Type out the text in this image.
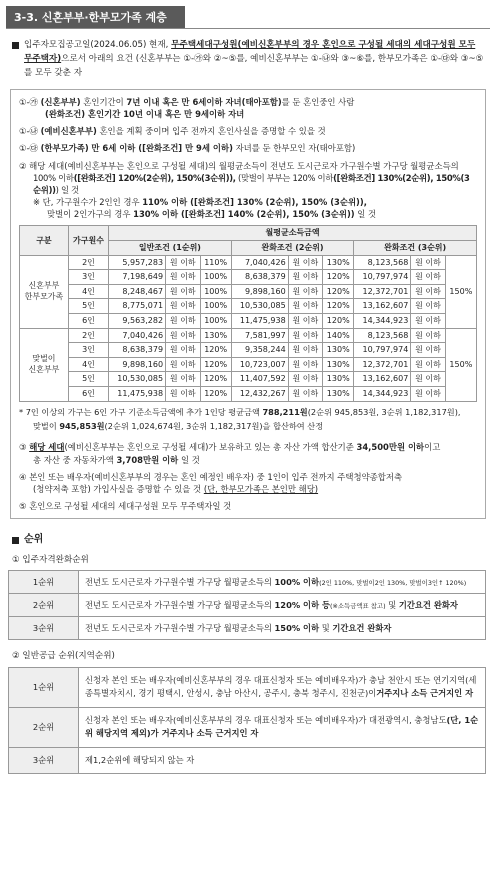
3-3. 신혼부부·한부모가족 계층
입주자모집공고일(2024.06.05) 현재, 무주택세대구성원(예비신혼부부의 경우 혼인으로 구성될 세대의 세대구성원 모두 무주택자)으로서 아래의 요건 (신혼부부는 ①-㉮와 ②~⑤를, 예비신혼부부는 ①-㉯와 ③~⑥를, 한부모가족은 ①-㉰와 ③~⑤를 모두 갖춘 자
①-㉮ (신혼부부) 혼인기간이 7년 이내 혹은 만 6세이하 자녀(태아포함)를 둔 혼인중인 사람
(완화조건) 혼인기간 10년 이내 혹은 만 9세이하 자녀
①-㉯ (예비신혼부부) 혼인을 계획 중이며 입주 전까지 혼인사실을 증명할 수 있을 것
①-㉰ (한부모가족) 만 6세 이하 ([완화조건] 만 9세 이하) 자녀를 둔 한부모인 자(태아포함)
② 해당 세대(예비신혼부부는 혼인으로 구성될 세대)의 월평균소득이 전년도 도시근로자 가구원수별 가구당 월평균소득의
100% 이하([완화조건] 120%(2순위), 150%(3순위)), (맞벌이 부부는 120% 이하([완화조건] 130%(2순위), 150%(3순위))) 일 것
※ 단, 가구원수가 2인인 경우 110% 이하 ([완화조건] 130% (2순위), 150% (3순위)),
맞벌이 2인가구의 경우 130% 이하 ([완화조건] 140% (2순위), 150% (3순위)) 일 것
구분	가구원수	월평균소득금액								
		일반조건 (1순위)			완화조건 (2순위)			완화조건 (3순위)		
신혼부부
한부모가족	2인	5,957,283	원 이하	110%	7,040,426	원 이하	130%	8,123,568	원 이하	150%
	3인	7,198,649	원 이하	100%	8,638,379	원 이하	120%	10,797,974	원 이하	
	4인	8,248,467	원 이하	100%	9,898,160	원 이하	120%	12,372,701	원 이하	
	5인	8,775,071	원 이하	100%	10,530,085	원 이하	120%	13,162,607	원 이하	
	6인	9,563,282	원 이하	100%	11,475,938	원 이하	120%	14,344,923	원 이하	
맞벌이
신혼부부	2인	7,040,426	원 이하	130%	7,581,997	원 이하	140%	8,123,568	원 이하	150%
	3인	8,638,379	원 이하	120%	9,358,244	원 이하	130%	10,797,974	원 이하	
	4인	9,898,160	원 이하	120%	10,723,007	원 이하	130%	12,372,701	원 이하	
	5인	10,530,085	원 이하	120%	11,407,592	원 이하	130%	13,162,607	원 이하	
	6인	11,475,938	원 이하	120%	12,432,267	원 이하	130%	14,344,923	원 이하	
* 7인 이상의 가구는 6인 가구 기준소득금액에 추가 1인당 평균금액 788,211원(2순위 945,853원, 3순위 1,182,317원),
맞벌이 945,853원(2순위 1,024,674원, 3순위 1,182,317원)을 합산하여 산정
③ 해당 세대(예비신혼부부는 혼인으로 구성될 세대)가 보유하고 있는 총 자산 가액 합산기준 34,500만원 이하이고
총 자산 중 자동차가액 3,708만원 이하 일 것
④ 본인 또는 배우자(예비신혼부부의 경우는 혼인 예정인 배우자) 중 1인이 입주 전까지 주택청약종합저축
(청약저축 포함) 가입사실을 증명할 수 있을 것 (단, 한부모가족은 본인만 해당)
⑤ 혼인으로 구성될 세대의 세대구성원 모두 무주택자일 것
순위
① 입주자격완화순위
1순위	전년도 도시근로자 가구원수별 가구당 월평균소득의 100% 이하(2인 110%, 맞벌이2인 130%, 맞벌이3인↑ 120%)
2순위	전년도 도시근로자 가구원수별 가구당 월평균소득의 120% 이하 등(※소득금액표 참고) 및 기간요건 완화자
3순위	전년도 도시근로자 가구원수별 가구당 월평균소득의 150% 이하 및 기간요건 완화자
② 일반공급 순위(지역순위)
1순위	신청자 본인 또는 배우자(예비신혼부부의 경우 대표신청자 또는 예비배우자)가 충남 천안시 또는 연기지역(세종특별자치시, 경기 평택시, 안성시, 충남 아산시, 공주시, 충북 청주시, 진천군)이거주지나 소득 근거지인 자
2순위	신청자 본인 또는 배우자(예비신혼부부의 경우 대표신청자 또는 예비배우자)가 대전광역시, 충청남도(단, 1순위 해당지역 제외)가 거주지나 소득 근거지인 자
3순위	제1,2순위에 해당되지 않는 자
